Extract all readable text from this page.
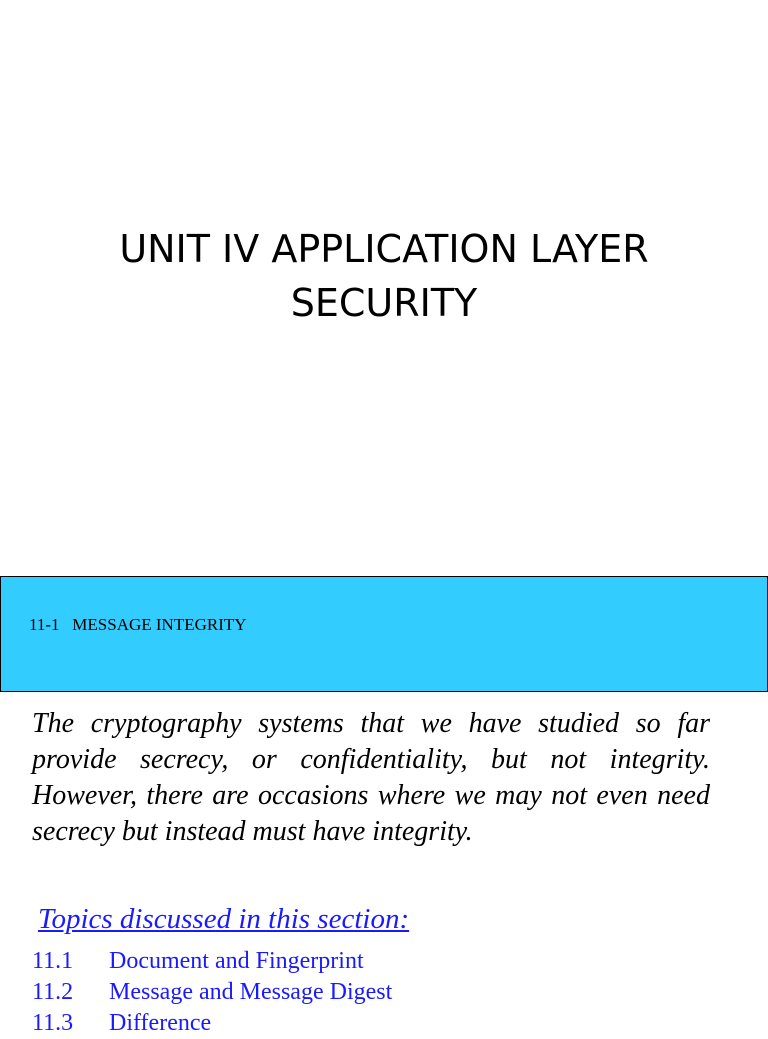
UNIT IV APPLICATION LAYER
SECURITY
11-1   MESSAGE INTEGRITY

The cryptography systems that we have studied so far provide secrecy, or confidentiality, but not integrity. However, there are occasions where we may not even need secrecy but instead must have integrity.

Topics discussed in this section:
11.1	Document and Fingerprint
11.2	Message and Message Digest
11.3	Difference
